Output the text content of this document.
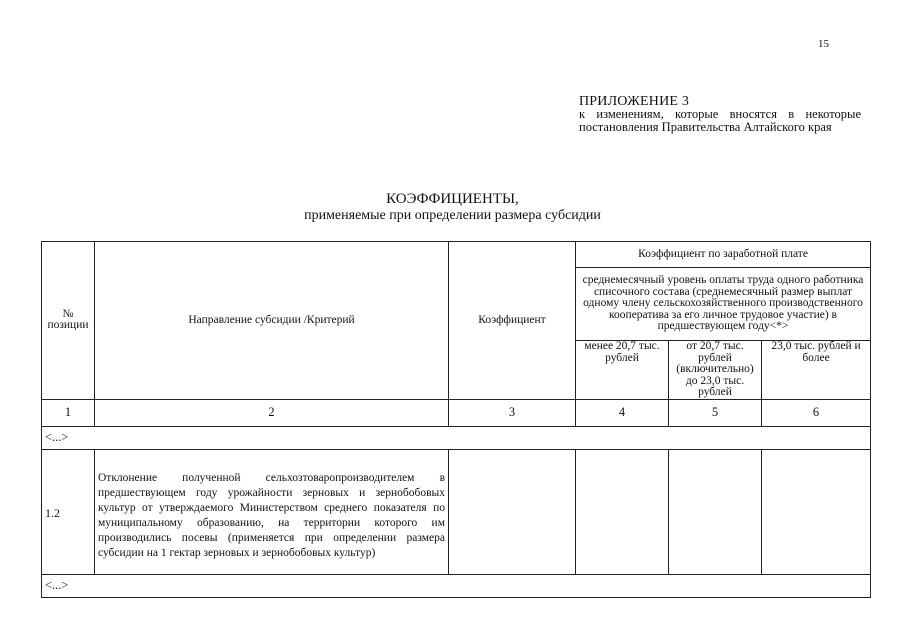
15
ПРИЛОЖЕНИЕ 3
к изменениям, которые вносятся в некоторые постановления Правительства Алтайского края
КОЭФФИЦИЕНТЫ,
применяемые при определении размера субсидии
№ позиции	Направление субсидии /Критерий	Коэффициент	Коэффициент по заработной плате		
			среднемесячный уровень оплаты труда одного работника списочного состава (среднемесячный размер выплат одному члену сельскохозяйственного производственного кооператива за его личное трудовое участие) в предшествующем году<*>		
			менее 20,7 тыс. рублей	от 20,7 тыс. рублей (включительно) до 23,0 тыс. рублей	23,0 тыс. рублей и более
1	2	3	4	5	6
<...>					
1.2	Отклонение полученной сельхозтоваропроизводителем в предшествующем году урожайности зерновых и зернобобовых культур от утверждаемого Министерством среднего показателя по муниципальному образованию, на территории которого им производились посевы (применяется при определении размера субсидии на 1 гектар зерновых и зернобобовых культур)				
<...>					
